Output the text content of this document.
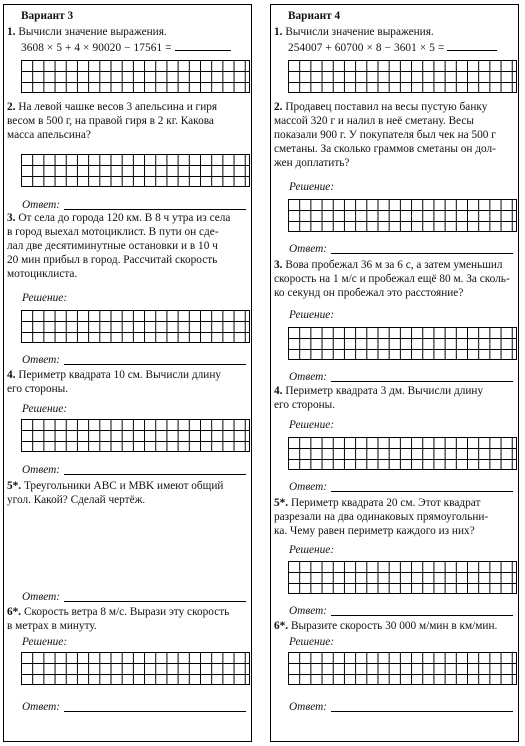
Вариант 3
1. Вычисли значение выражения.
3608 × 5 + 4 × 90020 − 17561 =
2. На левой чашке весов 3 апельсина и гиря
весом в 500 г, на правой гиря в 2 кг. Какова
масса апельсина?
Ответ:
3. От села до города 120 км. В 8 ч утра из села
в город выехал мотоциклист. В пути он сде-
лал две десятиминутные остановки и в 10 ч
20 мин прибыл в город. Рассчитай скорость
мотоциклиста.
Решение:
Ответ:
4. Периметр квадрата 10 см. Вычисли длину
его стороны.
Решение:
Ответ:
5*. Треугольники ABC и MBK имеют общий
угол. Какой? Сделай чертёж.
Ответ:
6*. Скорость ветра 8 м/с. Вырази эту скорость
в метрах в минуту.
Решение:
Ответ:
Вариант 4
1. Вычисли значение выражения.
254007 + 60700 × 8 − 3601 × 5 =
2. Продавец поставил на весы пустую банку
массой 320 г и налил в неё сметану. Весы
показали 900 г. У покупателя был чек на 500 г
сметаны. За сколько граммов сметаны он дол-
жен доплатить?
Решение:
Ответ:
3. Вова пробежал 36 м за 6 с, а затем уменьшил
скорость на 1 м/с и пробежал ещё 80 м. За сколь-
ко секунд он пробежал это расстояние?
Решение:
Ответ:
4. Периметр квадрата 3 дм. Вычисли длину
его стороны.
Решение:
Ответ:
5*. Периметр квадрата 20 см. Этот квадрат
разрезали на два одинаковых прямоугольни-
ка. Чему равен периметр каждого из них?
Решение:
Ответ:
6*. Выразите скорость 30 000 м/мин в км/мин.
Решение:
Ответ:
